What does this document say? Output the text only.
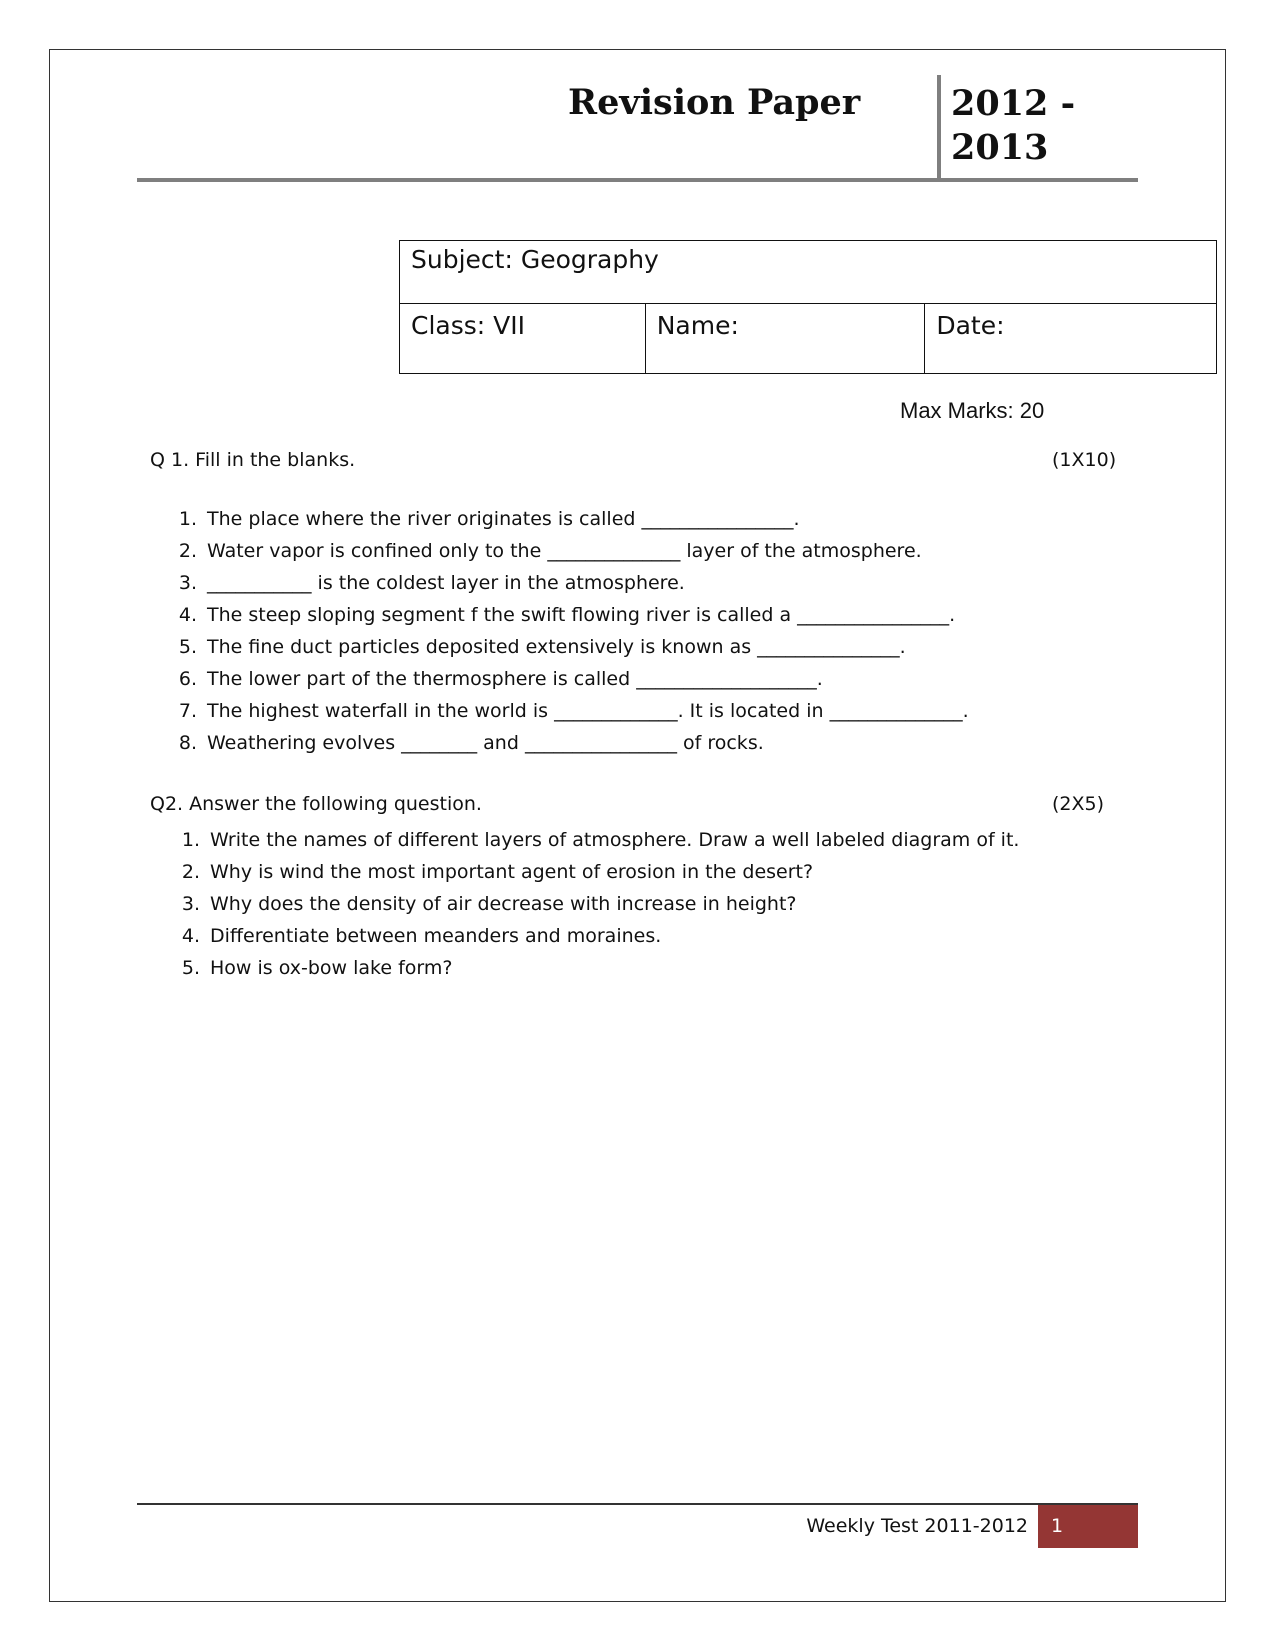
Revision Paper	2012 -
2013
Subject: Geography
Class: VII	Name:	Date:
Max Marks: 20
Q 1. Fill in the blanks.	(1X10)
1. The place where the river originates is called ________________.
2. Water vapor is confined only to the ______________ layer of the atmosphere.
3. ___________ is the coldest layer in the atmosphere.
4. The steep sloping segment f the swift flowing river is called a ________________.
5. The fine duct particles deposited extensively is known as _______________.
6. The lower part of the thermosphere is called ___________________.
7. The highest waterfall in the world is _____________. It is located in ______________.
8. Weathering evolves ________ and ________________ of rocks.
Q2. Answer the following question.	(2X5)
1. Write the names of different layers of atmosphere. Draw a well labeled diagram of it.
2. Why is wind the most important agent of erosion in the desert?
3. Why does the density of air decrease with increase in height?
4. Differentiate between meanders and moraines.
5. How is ox-bow lake form?
Weekly Test 2011-2012	1
